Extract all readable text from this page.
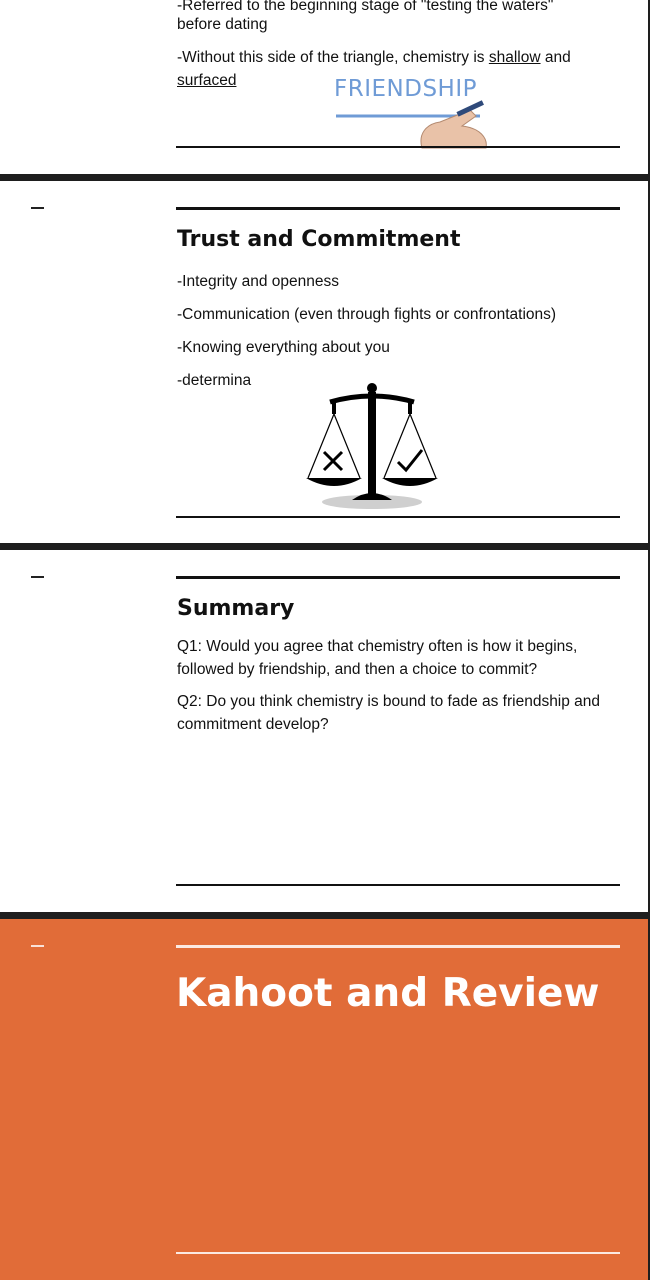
-Referred to the beginning stage of "testing the waters"
before dating
-Without this side of the triangle, chemistry is shallow and
surfaced	FRIENDSHIP
Trust and Commitment
-Integrity and openness
-Communication (even through fights or confrontations)
-Knowing everything about you
-determina
Summary
Q1: Would you agree that chemistry often is how it begins,
followed by friendship, and then a choice to commit?
Q2: Do you think chemistry is bound to fade as friendship and
commitment develop?
Kahoot and Review
